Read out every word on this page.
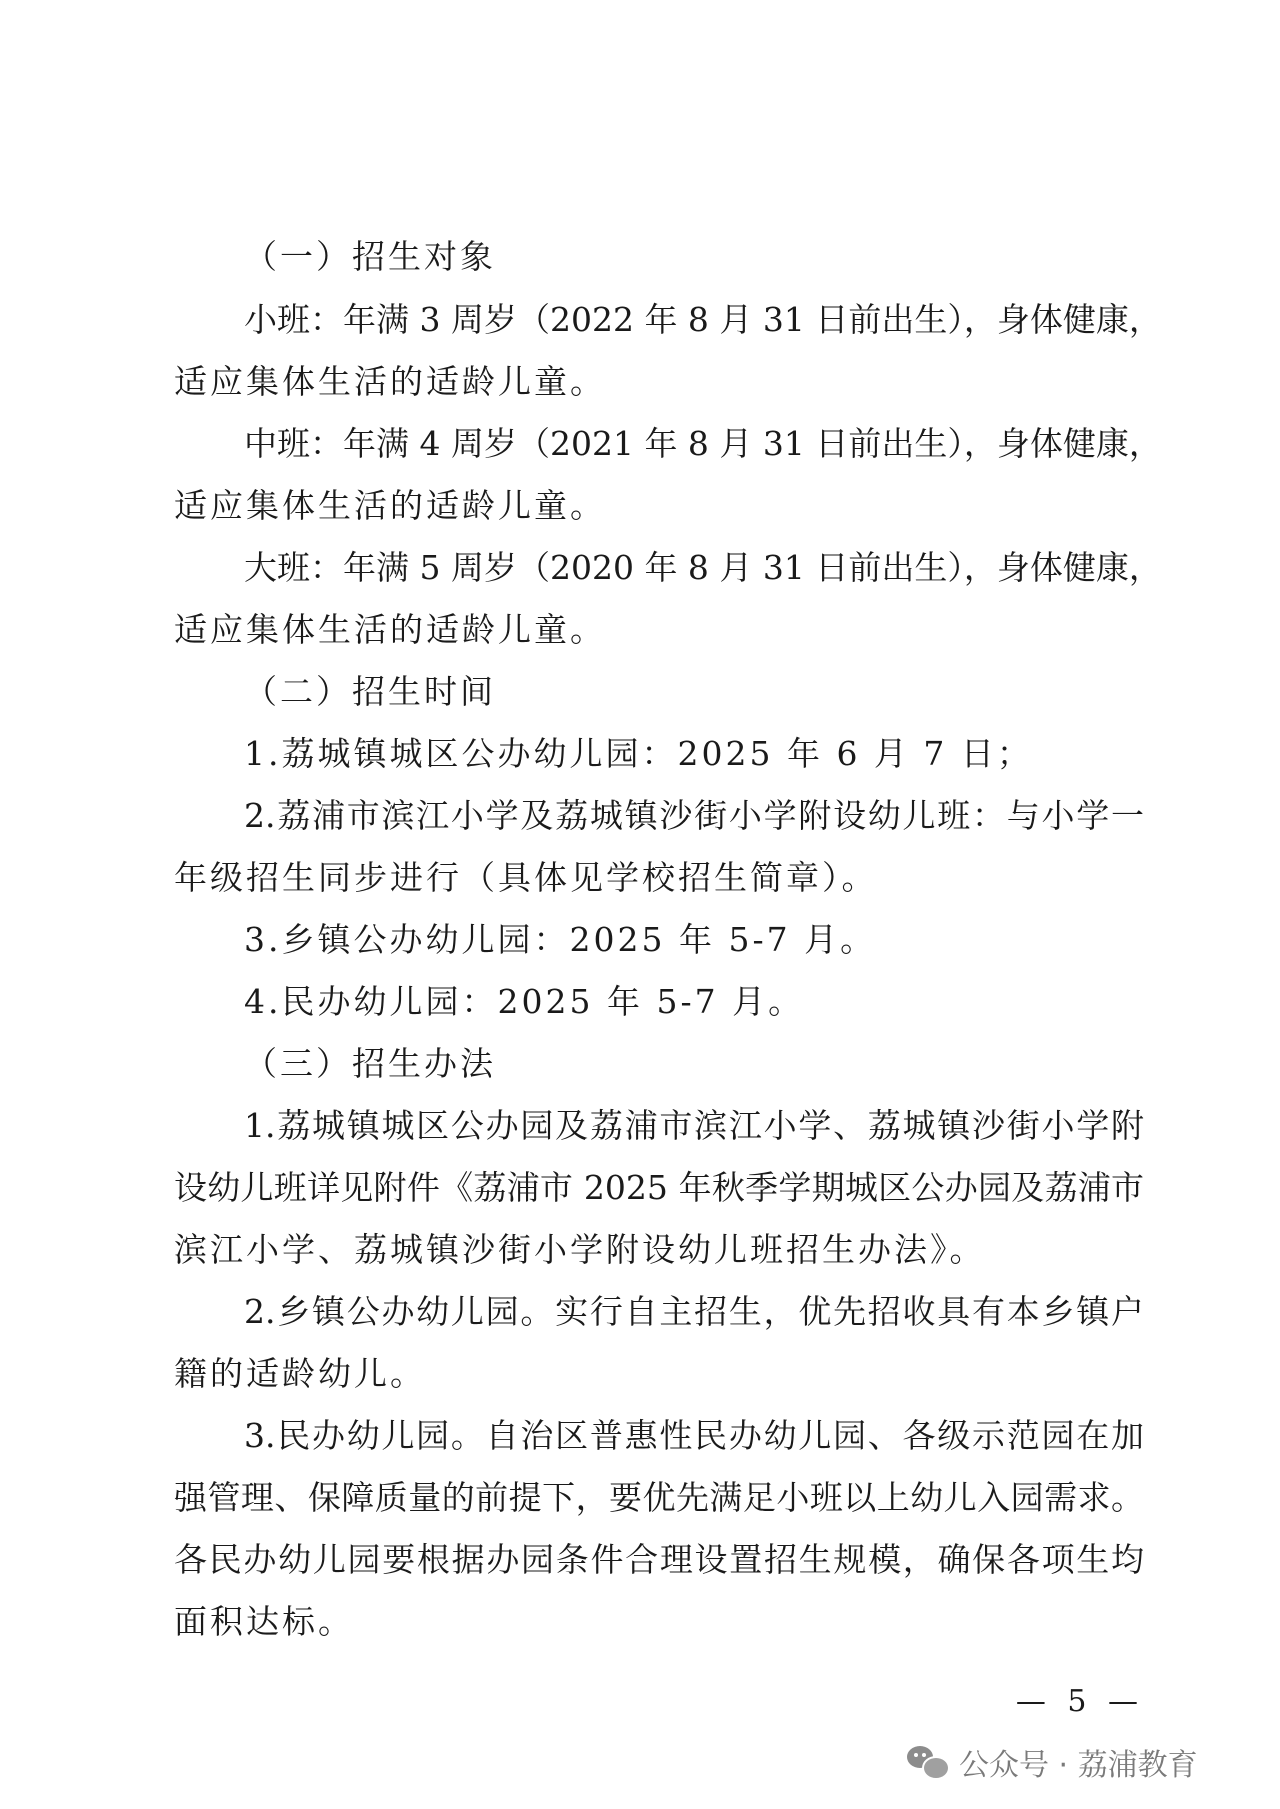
（一）招生对象
小班：年满 3 周岁（2022 年 8 月 31 日前出生），身体健康，
适应集体生活的适龄儿童。
中班：年满 4 周岁（2021 年 8 月 31 日前出生），身体健康，
适应集体生活的适龄儿童。
大班：年满 5 周岁（2020 年 8 月 31 日前出生），身体健康，
适应集体生活的适龄儿童。
（二）招生时间
1.荔城镇城区公办幼儿园：2025 年 6 月 7 日；
2.荔浦市滨江小学及荔城镇沙街小学附设幼儿班：与小学一
年级招生同步进行（具体见学校招生简章）。
3.乡镇公办幼儿园：2025 年 5-7 月。
4.民办幼儿园：2025 年 5-7 月。
（三）招生办法
1.荔城镇城区公办园及荔浦市滨江小学、荔城镇沙街小学附
设幼儿班详见附件《荔浦市 2025 年秋季学期城区公办园及荔浦市
滨江小学、荔城镇沙街小学附设幼儿班招生办法》。
2.乡镇公办幼儿园。实行自主招生，优先招收具有本乡镇户
籍的适龄幼儿。
3.民办幼儿园。自治区普惠性民办幼儿园、各级示范园在加
强管理、保障质量的前提下，要优先满足小班以上幼儿入园需求。
各民办幼儿园要根据办园条件合理设置招生规模，确保各项生均
面积达标。
— 5 —
公众号 · 荔浦教育
